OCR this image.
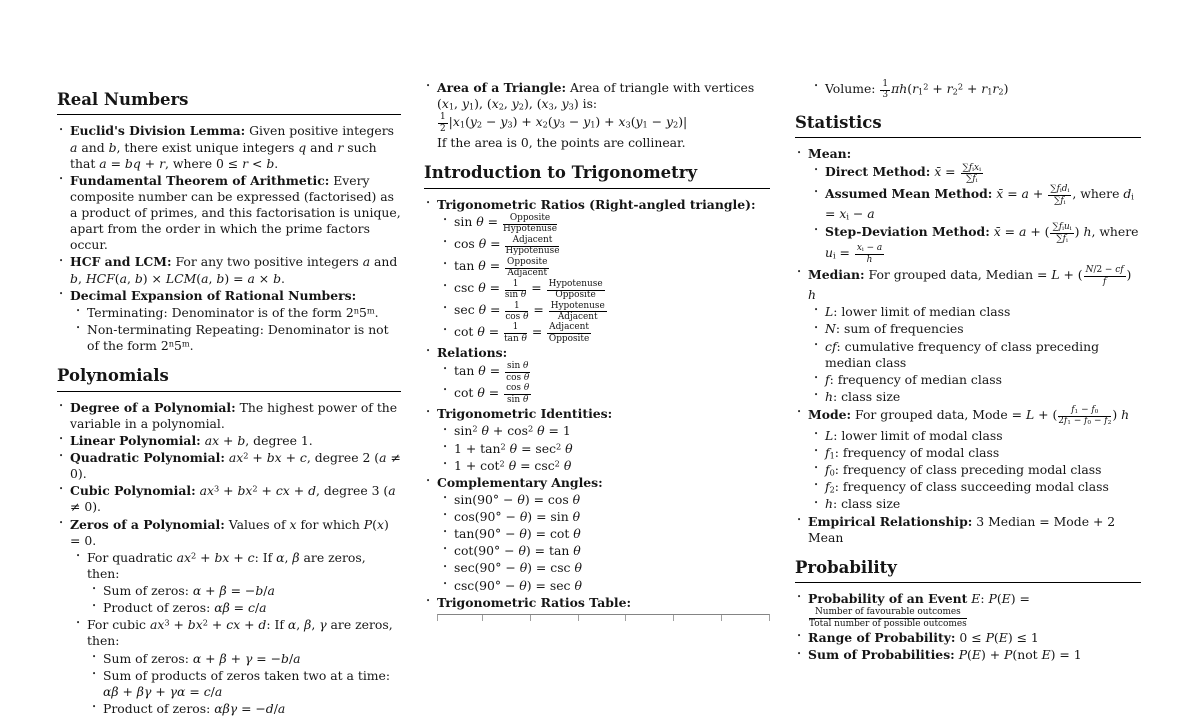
Real Numbers
• Euclid's Division Lemma: Given positive integers a and b, there exist unique integers q and r such that a = bq + r, where 0 ≤ r < b.
• Fundamental Theorem of Arithmetic: Every composite number can be expressed (factorised) as a product of primes, and this factorisation is unique, apart from the order in which the prime factors occur.
• HCF and LCM: For any two positive integers a and b, HCF(a, b) × LCM(a, b) = a × b.
• Decimal Expansion of Rational Numbers:
• Terminating: Denominator is of the form 2$^n$5$^m$.
• Non-terminating Repeating: Denominator is not of the form 2$^n$5$^m$.
Polynomials
• Degree of a Polynomial: The highest power of the variable in a polynomial.
• Linear Polynomial: ax + b, degree 1.
• Quadratic Polynomial: $ax^2$ + bx + c, degree 2 (a ≠ 0).
• Cubic Polynomial: $ax^3 + bx^2$ + cx + d, degree 3 (a ≠ 0).
• Zeros of a Polynomial: Values of x for which P(x) = 0.
• For quadratic $ax^2$ + bx + c: If α, β are zeros, then:
• Sum of zeros: α + β = −b/a
• Product of zeros: αβ = c/a
• For cubic $ax^3 + bx^2$ + cx + d: If α, β, γ are zeros, then:
• Sum of zeros: α + β + γ = −b/a
• Sum of products of zeros taken two at a time: αβ + βγ + γα = c/a
• Product of zeros: αβγ = −d/a
• Area of a Triangle: Area of triangle with vertices ($x_1$, $y_1$), ($x_2$, $y_2$), ($x_3$, $y_3$) is:
$\frac{1}{2} |x_1(y_2 - y_3) + x_2(y_3 - y_1) + x_3(y_1 - y_2)|$
If the area is 0, the points are collinear.
Introduction to Trigonometry
• Trigonometric Ratios (Right-angled triangle):
• $\sin \theta = \frac{\text{Opposite}}{\text{Hypotenuse}}$
• $\cos \theta = \frac{\text{Adjacent}}{\text{Hypotenuse}}$
• $\tan \theta = \frac{\text{Opposite}}{\text{Adjacent}}$
• $\csc \theta = \frac{1}{\text{sin θ}} = \frac{\text{Hypotenuse}}{\text{Opposite}}$
• $\sec \theta = \frac{1}{\text{cos θ}} = \frac{\text{Hypotenuse}}{\text{Adjacent}}$
• $\cot \theta = \frac{1}{\text{tan θ}} = \frac{\text{Adjacent}}{\text{Opposite}}$
• Relations:
• $\tan \theta = \frac{\text{sin θ}}{\text{cos θ}}$
• $\cot \theta = \frac{\text{cos θ}}{\text{sin θ}}$
• Trigonometric Identities:
• $\sin^2 \theta + \cos^2 \theta = 1$
• $1 + \tan^2 \theta = \sec^2 \theta$
• $1 + \cot^2 \theta = \csc^2 \theta$
• Complementary Angles:
• sin(90° − θ) = cos θ
• cos(90° − θ) = sin θ
• tan(90° − θ) = cot θ
• cot(90° − θ) = tan θ
• sec(90° − θ) = csc θ
• csc(90° − θ) = sec θ
• Trigonometric Ratios Table:
• Volume: $\frac{1}{3} \pi h(r_1^2 + r_2^2 + r_1r_2)$
Statistics
• Mean:
• Direct Method: x̄ = $\frac{\sum f_ix_i}{\sum f_i}$
• Assumed Mean Method: x̄ = $a + \frac{\sum f_id_i}{\sum f_i}$ , where $d_i = x_i - a$
• Step-Deviation Method: x̄ = a + ( $\frac{\sum f_iu_i}{\sum f_i}$ ) h, where $u_i = \frac{x_i - a}{h}$
• Median: For grouped data, Median = L + ( $\frac{N/2 - cf}{f}$ ) h
• L: lower limit of median class
• N: sum of frequencies
• cf: cumulative frequency of class preceding median class
• f: frequency of median class
• h: class size
• Mode: For grouped data, Mode = L + ( $\frac{f_1 - f_0}{2f_1 - f_0 - f_2}$ ) h
• L: lower limit of modal class
• $f_1$: frequency of modal class
• $f_0$: frequency of class preceding modal class
• $f_2$: frequency of class succeeding modal class
• h: class size
• Empirical Relationship: 3 Median = Mode + 2 Mean
Probability
• Probability of an Event E: P(E) =
$\frac{\text{Number of favourable outcomes}}{\text{Total number of possible outcomes}}$
• Range of Probability: 0 ≤ P(E) ≤ 1
• Sum of Probabilities: P(E) + P(not E) = 1
